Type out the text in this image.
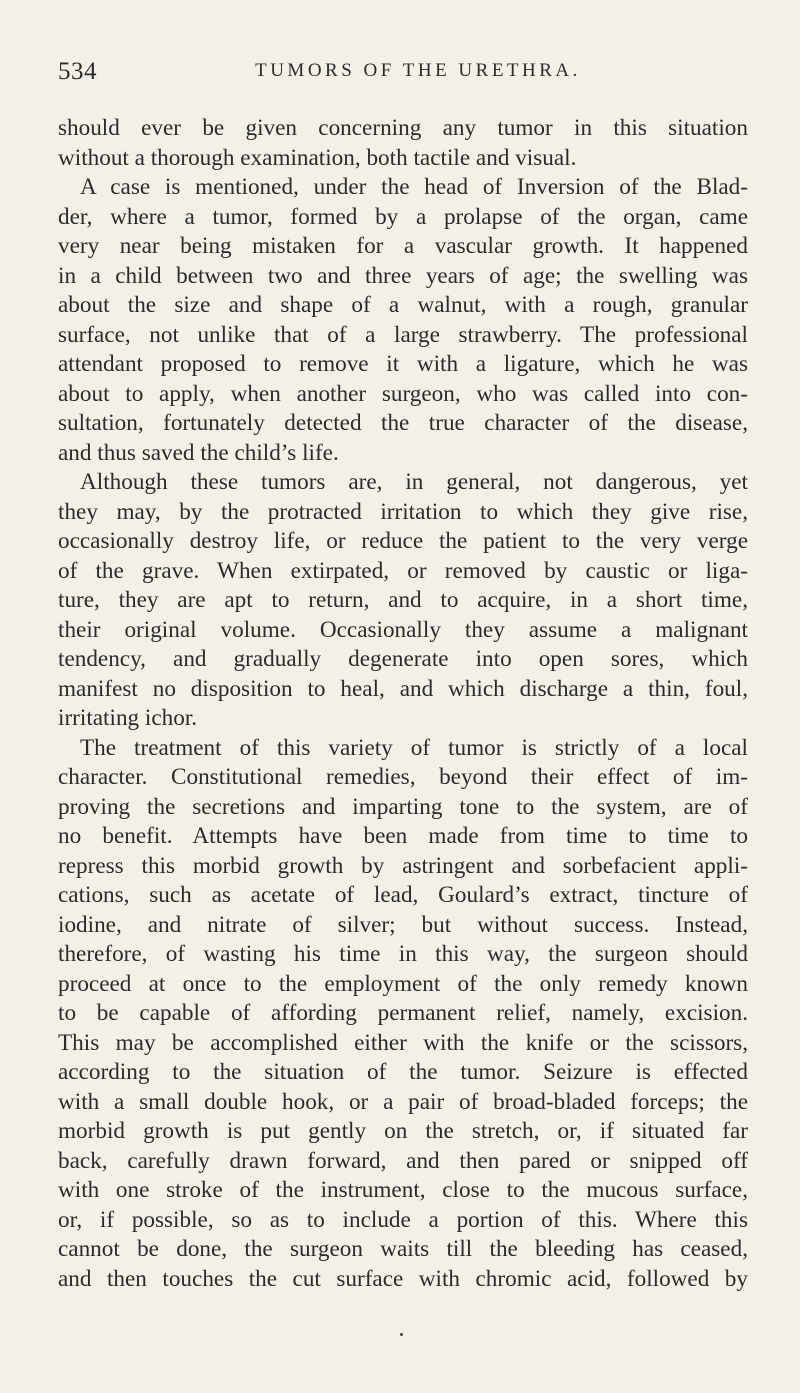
534	TUMORS OF THE URETHRA.
should ever be given concerning any tumor in this situation
without a thorough examination, both tactile and visual.
A case is mentioned, under the head of Inversion of the Blad-
der, where a tumor, formed by a prolapse of the organ, came
very near being mistaken for a vascular growth. It happened
in a child between two and three years of age; the swelling was
about the size and shape of a walnut, with a rough, granular
surface, not unlike that of a large strawberry. The professional
attendant proposed to remove it with a ligature, which he was
about to apply, when another surgeon, who was called into con-
sultation, fortunately detected the true character of the disease,
and thus saved the child’s life.
Although these tumors are, in general, not dangerous, yet
they may, by the protracted irritation to which they give rise,
occasionally destroy life, or reduce the patient to the very verge
of the grave. When extirpated, or removed by caustic or liga-
ture, they are apt to return, and to acquire, in a short time,
their original volume. Occasionally they assume a malignant
tendency, and gradually degenerate into open sores, which
manifest no disposition to heal, and which discharge a thin, foul,
irritating ichor.
The treatment of this variety of tumor is strictly of a local
character. Constitutional remedies, beyond their effect of im-
proving the secretions and imparting tone to the system, are of
no benefit. Attempts have been made from time to time to
repress this morbid growth by astringent and sorbefacient appli-
cations, such as acetate of lead, Goulard’s extract, tincture of
iodine, and nitrate of silver; but without success. Instead,
therefore, of wasting his time in this way, the surgeon should
proceed at once to the employment of the only remedy known
to be capable of affording permanent relief, namely, excision.
This may be accomplished either with the knife or the scissors,
according to the situation of the tumor. Seizure is effected
with a small double hook, or a pair of broad-bladed forceps; the
morbid growth is put gently on the stretch, or, if situated far
back, carefully drawn forward, and then pared or snipped off
with one stroke of the instrument, close to the mucous surface,
or, if possible, so as to include a portion of this. Where this
cannot be done, the surgeon waits till the bleeding has ceased,
and then touches the cut surface with chromic acid, followed by
